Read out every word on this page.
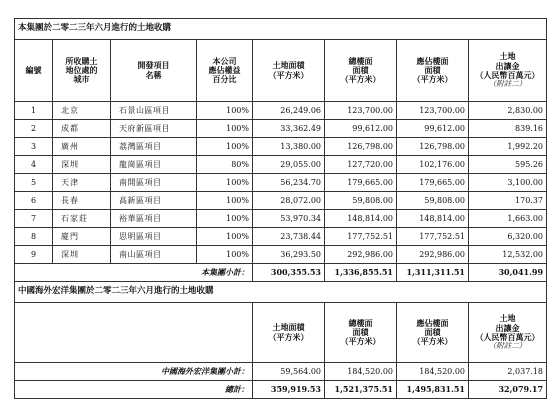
本集團於二零二三年六月進行的土地收購							
編號	所收購土
地位處的
城市	開發項目
名稱	本公司
應佔權益
百分比	土地面積
（平方米）	總樓面
面積
（平方米）	應佔樓面
面積
（平方米）	土地
出讓金
（人民幣百萬元）
（附註二）

1	北京	石景山區項目	100%	26,249.06	123,700.00	123,700.00	2,830.00
2	成都	天府新區項目	100%	33,362.49	99,612.00	99,612.00	839.16
3	廣州	荔灣區項目	100%	13,380.00	126,798.00	126,798.00	1,992.20
4	深圳	龍崗區項目	80%	29,055.00	127,720.00	102,176.00	595.26
5	天津	南開區項目	100%	56,234.70	179,665.00	179,665.00	3,100.00
6	長春	高新區項目	100%	28,072.00	59,808.00	59,808.00	170.37
7	石家莊	裕華區項目	100%	53,970.34	148,814.00	148,814.00	1,663.00
8	廈門	思明區項目	100%	23,738.44	177,752.51	177,752.51	6,320.00
9	深圳	南山區項目	100%	36,293.50	292,986.00	292,986.00	12,532.00
本集團小計：				300,355.53	1,336,855.51	1,311,311.51	30,041.99
中國海外宏洋集團於二零二三年六月進行的土地收購							

				土地面積
（平方米）	總樓面
面積
（平方米）	應佔樓面
面積
（平方米）	土地
出讓金
（人民幣百萬元）
（附註二）

中國海外宏洋集團小計：				59,564.00	184,520.00	184,520.00	2,037.18
總計：				359,919.53	1,521,375.51	1,495,831.51	32,079.17
